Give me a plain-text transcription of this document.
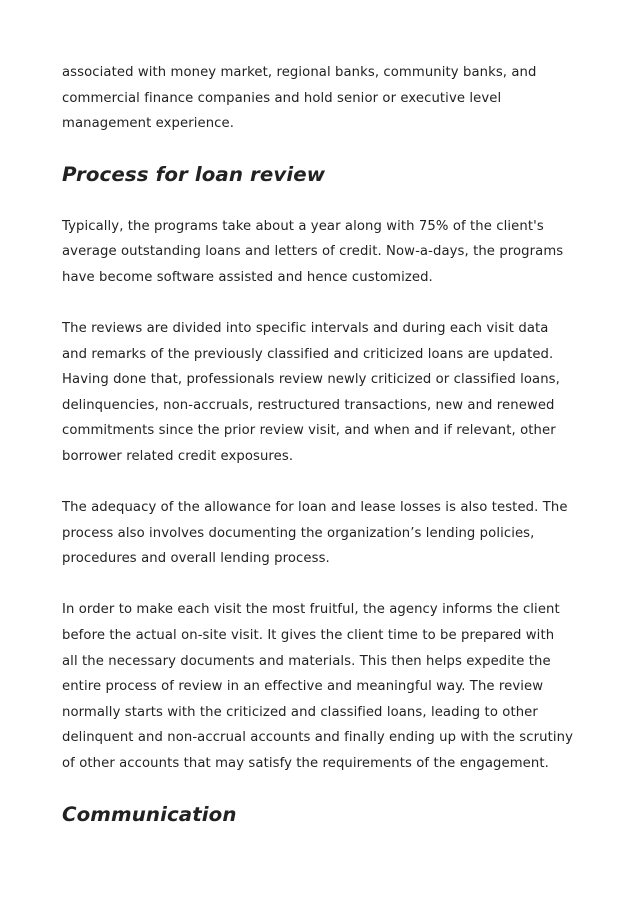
associated with money market, regional banks, community banks, and
commercial finance companies and hold senior or executive level
management experience.

Process for loan review

Typically, the programs take about a year along with 75% of the client's
average outstanding loans and letters of credit. Now-a-days, the programs
have become software assisted and hence customized.

The reviews are divided into specific intervals and during each visit data
and remarks of the previously classified and criticized loans are updated.
Having done that, professionals review newly criticized or classified loans,
delinquencies, non-accruals, restructured transactions, new and renewed
commitments since the prior review visit, and when and if relevant, other
borrower related credit exposures.

The adequacy of the allowance for loan and lease losses is also tested. The
process also involves documenting the organization’s lending policies,
procedures and overall lending process.

In order to make each visit the most fruitful, the agency informs the client
before the actual on-site visit. It gives the client time to be prepared with
all the necessary documents and materials. This then helps expedite the
entire process of review in an effective and meaningful way. The review
normally starts with the criticized and classified loans, leading to other
delinquent and non-accrual accounts and finally ending up with the scrutiny
of other accounts that may satisfy the requirements of the engagement.

Communication
